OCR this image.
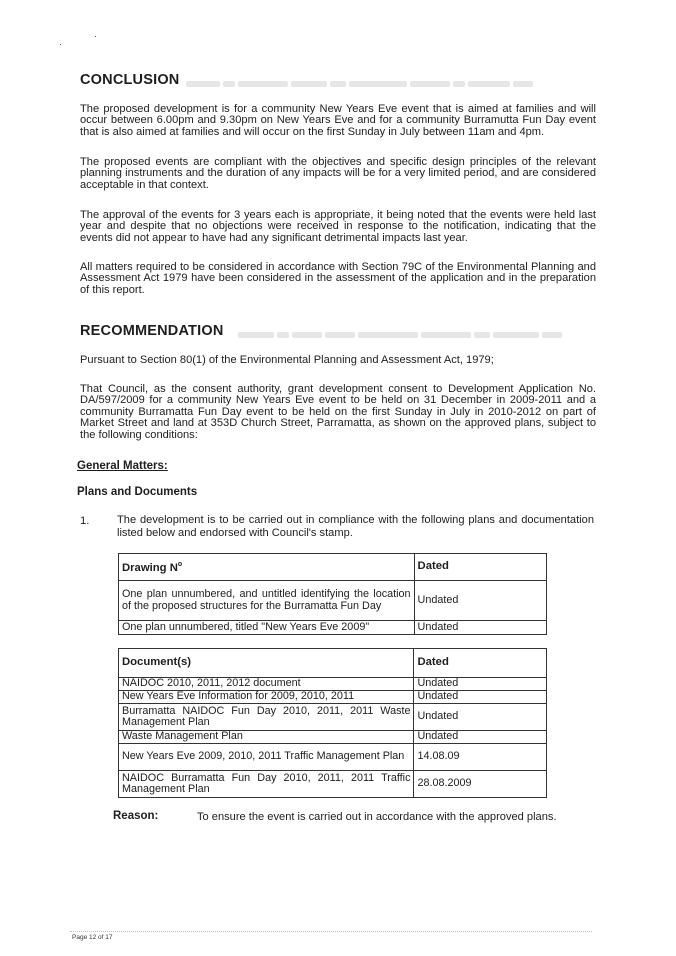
CONCLUSION

The proposed development is for a community New Years Eve event that is aimed at families and will occur between 6.00pm and 9.30pm on New Years Eve and for a community Burramutta Fun Day event that is also aimed at families and will occur on the first Sunday in July between 11am and 4pm.

The proposed events are compliant with the objectives and specific design principles of the relevant planning instruments and the duration of any impacts will be for a very limited period, and are considered acceptable in that context.

The approval of the events for 3 years each is appropriate, it being noted that the events were held last year and despite that no objections were received in response to the notification, indicating that the events did not appear to have had any significant detrimental impacts last year.

All matters required to be considered in accordance with Section 79C of the Environmental Planning and Assessment Act 1979 have been considered in the assessment of the application and in the preparation of this report.

RECOMMENDATION

Pursuant to Section 80(1) of the Environmental Planning and Assessment Act, 1979;

That Council, as the consent authority, grant development consent to Development Application No. DA/597/2009 for a community New Years Eve event to be held on 31 December in 2009-2011 and a community Burramatta Fun Day event to be held on the first Sunday in July in 2010-2012 on part of Market Street and land at 353D Church Street, Parramatta, as shown on the approved plans, subject to the following conditions:

General Matters:
Plans and Documents
1. The development is to be carried out in compliance with the following plans and documentation listed below and endorsed with Council's stamp.

Drawing $N^o$	Dated
One plan unnumbered, and untitled identifying the location of the proposed structures for the Burramatta Fun Day	Undated
One plan unnumbered, titled "New Years Eve 2009"	Undated
Document(s)	Dated
NAIDOC 2010, 2011, 2012 document	Undated
New Years Eve Information for 2009, 2010, 2011	Undated
Burramatta NAIDOC Fun Day 2010, 2011, 2011 Waste Management Plan	Undated
Waste Management Plan	Undated
New Years Eve 2009, 2010, 2011 Traffic Management Plan	14.08.09
NAIDOC Burramatta Fun Day 2010, 2011, 2011 Traffic Management Plan	28.08.2009
Reason:	To ensure the event is carried out in accordance with the approved plans.
Page 12 of 17
